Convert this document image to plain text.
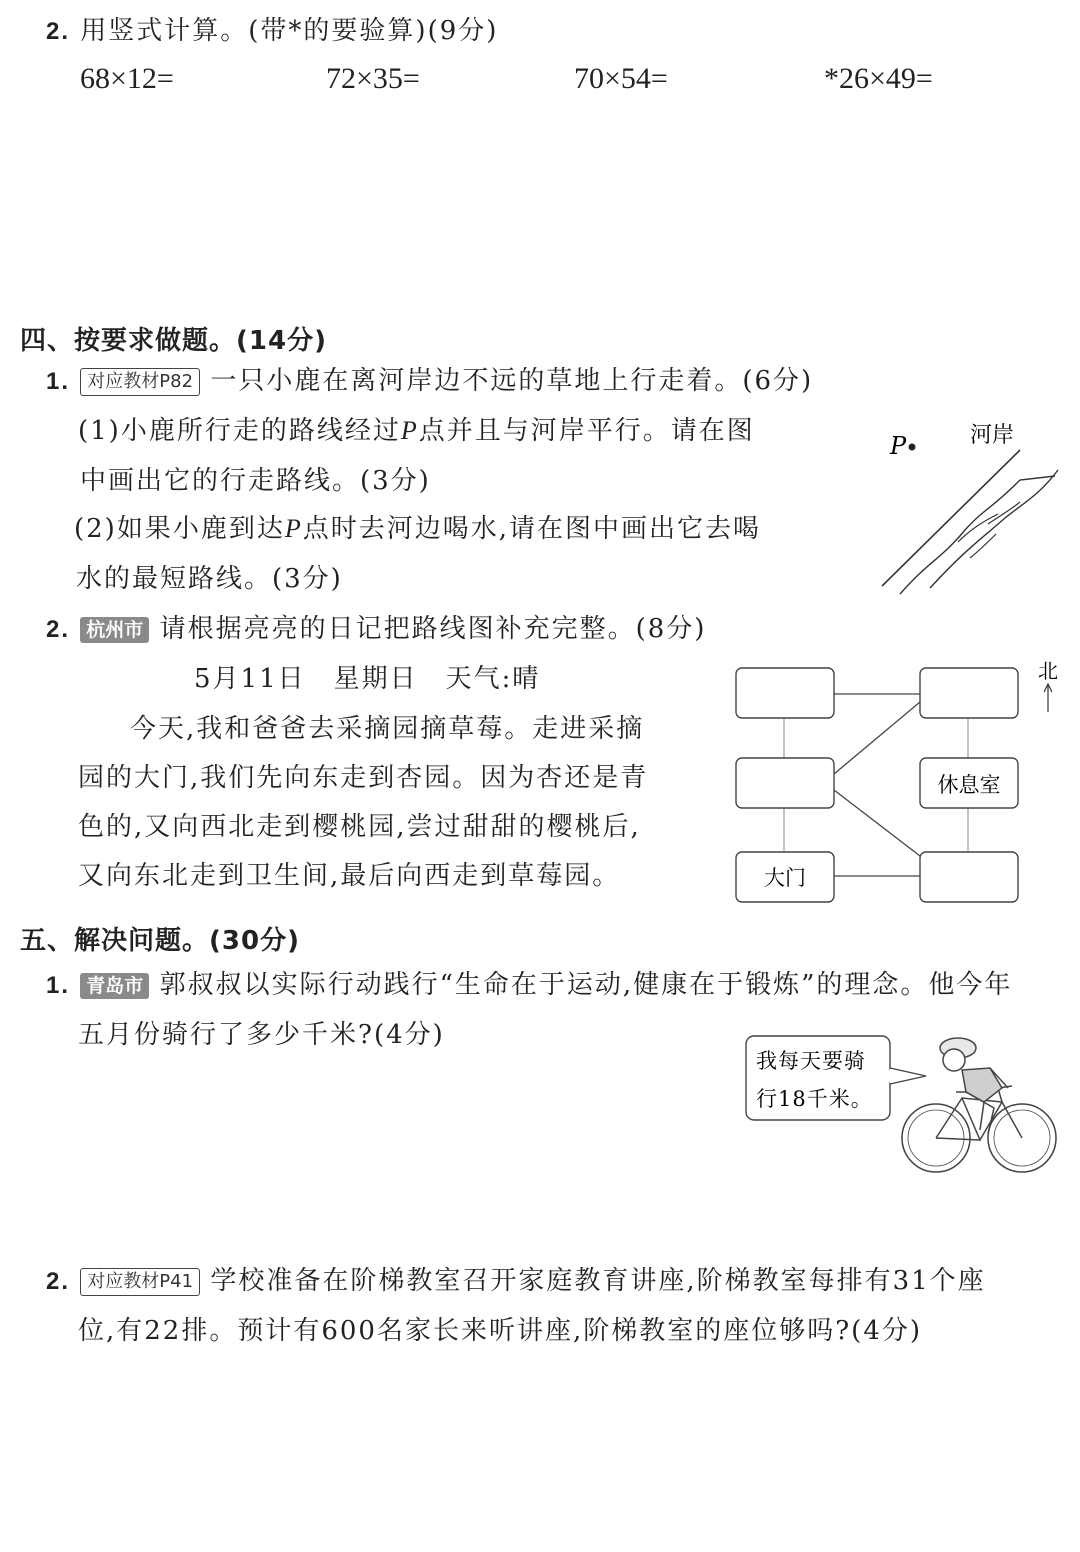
2. 用竖式计算。(带*的要验算)(9分)
68×12=	72×35=	70×54=	*26×49=
四、按要求做题。(14分)
1. 对应教材P82 一只小鹿在离河岸边不远的草地上行走着。(6分)
(1)小鹿所行走的路线经过P点并且与河岸平行。请在图
中画出它的行走路线。(3分)
(2)如果小鹿到达P点时去河边喝水,请在图中画出它去喝
水的最短路线。(3分)
P	河岸
2. 杭州市 请根据亮亮的日记把路线图补充完整。(8分)
5月11日　星期日　天气:晴
今天,我和爸爸去采摘园摘草莓。走进采摘
园的大门,我们先向东走到杏园。因为杏还是青
色的,又向西北走到樱桃园,尝过甜甜的樱桃后,
又向东北走到卫生间,最后向西走到草莓园。
休息室
大门
北
五、解决问题。(30分)
1. 青岛市 郭叔叔以实际行动践行“生命在于运动,健康在于锻炼”的理念。他今年
五月份骑行了多少千米?(4分)
我每天要骑
行18千米。
2. 对应教材P41 学校准备在阶梯教室召开家庭教育讲座,阶梯教室每排有31个座
位,有22排。预计有600名家长来听讲座,阶梯教室的座位够吗?(4分)
